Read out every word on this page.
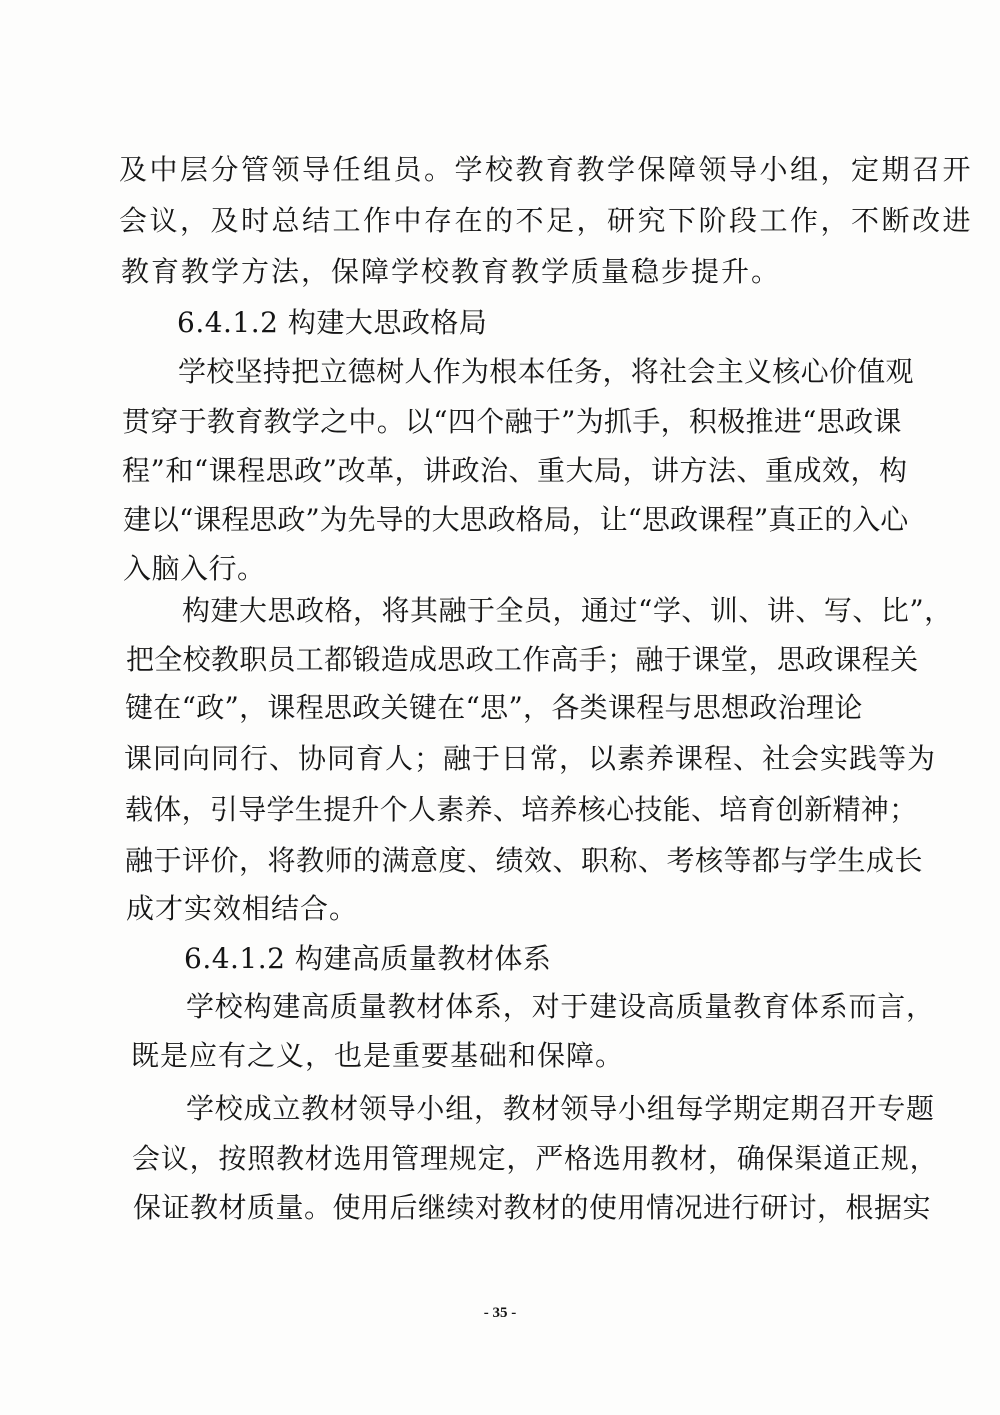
及中层分管领导任组员。学校教育教学保障领导小组，定期召开
会议，及时总结工作中存在的不足，研究下阶段工作，不断改进
教育教学方法，保障学校教育教学质量稳步提升。
6.4.1.2 构建大思政格局
学校坚持把立德树人作为根本任务，将社会主义核心价值观
贯穿于教育教学之中。以“四个融于”为抓手，积极推进“思政课
程”和“课程思政”改革，讲政治、重大局，讲方法、重成效，构
建以“课程思政”为先导的大思政格局，让“思政课程”真正的入心
入脑入行。
构建大思政格，将其融于全员，通过“学、训、讲、写、比”，
把全校教职员工都锻造成思政工作高手；融于课堂，思政课程关
键在“政”，课程思政关键在“思”，各类课程与思想政治理论
课同向同行、协同育人；融于日常，以素养课程、社会实践等为
载体，引导学生提升个人素养、培养核心技能、培育创新精神；
融于评价，将教师的满意度、绩效、职称、考核等都与学生成长
成才实效相结合。
6.4.1.2 构建高质量教材体系
学校构建高质量教材体系，对于建设高质量教育体系而言，
既是应有之义，也是重要基础和保障。
学校成立教材领导小组，教材领导小组每学期定期召开专题
会议，按照教材选用管理规定，严格选用教材，确保渠道正规，
保证教材质量。使用后继续对教材的使用情况进行研讨，根据实
- 35 -
